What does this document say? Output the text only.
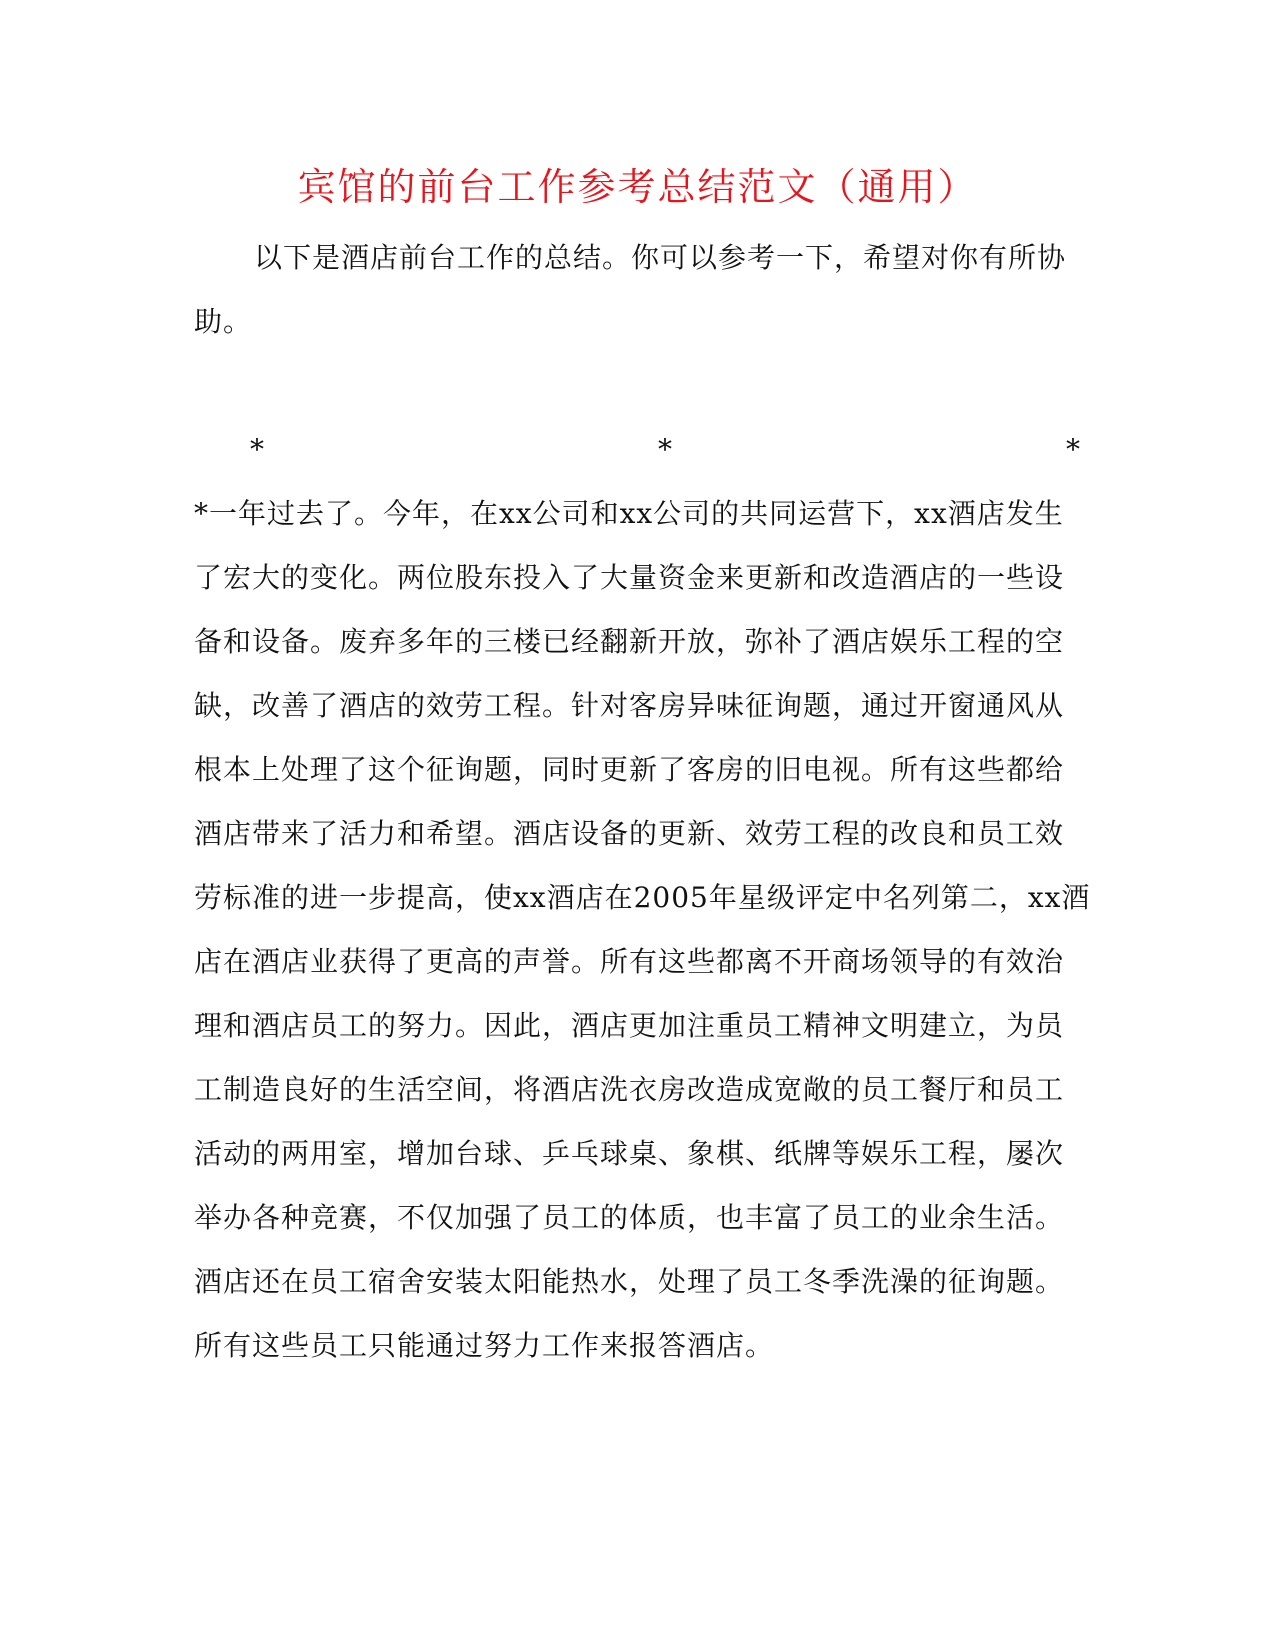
宾馆的前台工作参考总结范文（通用）
以下是酒店前台工作的总结。你可以参考一下，希望对你有所协
助。
*	*	*
*一年过去了。今年，在xx公司和xx公司的共同运营下，xx酒店发生
了宏大的变化。两位股东投入了大量资金来更新和改造酒店的一些设
备和设备。废弃多年的三楼已经翻新开放，弥补了酒店娱乐工程的空
缺，改善了酒店的效劳工程。针对客房异味征询题，通过开窗通风从
根本上处理了这个征询题，同时更新了客房的旧电视。所有这些都给
酒店带来了活力和希望。酒店设备的更新、效劳工程的改良和员工效
劳标准的进一步提高，使xx酒店在2005年星级评定中名列第二，xx酒
店在酒店业获得了更高的声誉。所有这些都离不开商场领导的有效治
理和酒店员工的努力。因此，酒店更加注重员工精神文明建立，为员
工制造良好的生活空间，将酒店洗衣房改造成宽敞的员工餐厅和员工
活动的两用室，增加台球、乒乓球桌、象棋、纸牌等娱乐工程，屡次
举办各种竞赛，不仅加强了员工的体质，也丰富了员工的业余生活。
酒店还在员工宿舍安装太阳能热水，处理了员工冬季洗澡的征询题。
所有这些员工只能通过努力工作来报答酒店。
